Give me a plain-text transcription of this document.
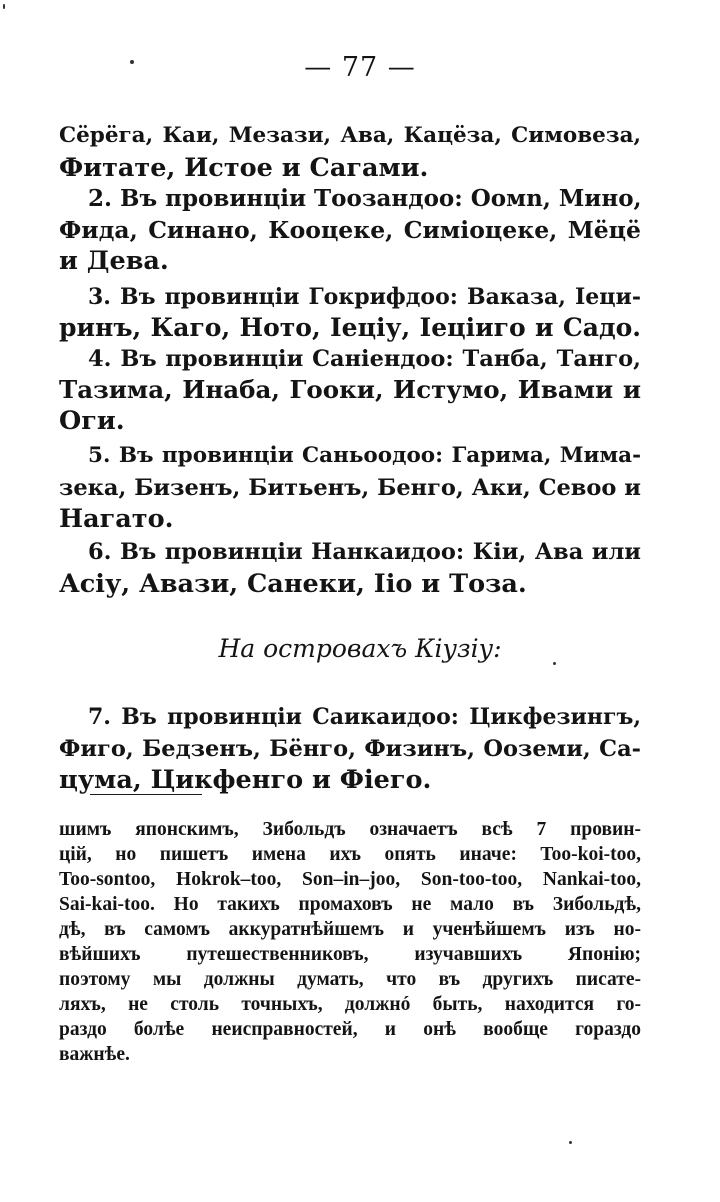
— 77 —
Сёрёга, Каи, Мезази, Ава, Кацёза, Симовеза,
Фитате, Истое и Сагами.
2. Въ провинціи Тоозандоо: Оомn, Мино,
Фида, Синано, Кооцеке, Симіоцеке, Мёцё
и Дева.
3. Въ провинціи Гокрифдоо: Ваказа, Іеци-
ринъ, Каго, Ното, Іецiу, Іецiиго и Садо.
4. Въ провинціи Саніендоо: Танба, Танго,
Тазима, Инаба, Гооки, Истумо, Ивами и
Оги.
5. Въ провинціи Саньоодоо: Гарима, Мима-
зека, Бизенъ, Битьенъ, Бенго, Аки, Севоо и
Нагато.
6. Въ провинціи Нанкаидоо: Кіи, Ава или
Асiу, Авази, Санеки, Іiо и Тоза.
На островахъ Кiузiу:
7. Въ провинціи Саикаидоо: Цикфезингъ,
Фиго, Бедзенъ, Бёнго, Физинъ, Ооземи, Са-
цума, Цикфенго и Фіего.
шимъ японскимъ, Зибольдъ означаетъ всѣ 7 провин-
цій, но пишетъ имена ихъ опять иначе: Too-koi-too,
Too-sontoo, Hokrok–too, Son–in–joo, Son-too-too, Nankai-too,
Sai-kai-too. Но такихъ промаховъ не мало въ Зибольдѣ,
дѣ, въ самомъ аккуратнѣйшемъ и ученѣйшемъ изъ но-
вѣйшихъ путешественниковъ, изучавшихъ Японію;
поэтому мы должны думать, что въ другихъ писате-
ляхъ, не столь точныхъ, должнó быть, находится го-
раздо болѣе неисправностей, и онѣ вообще гораздо
важнѣе.
